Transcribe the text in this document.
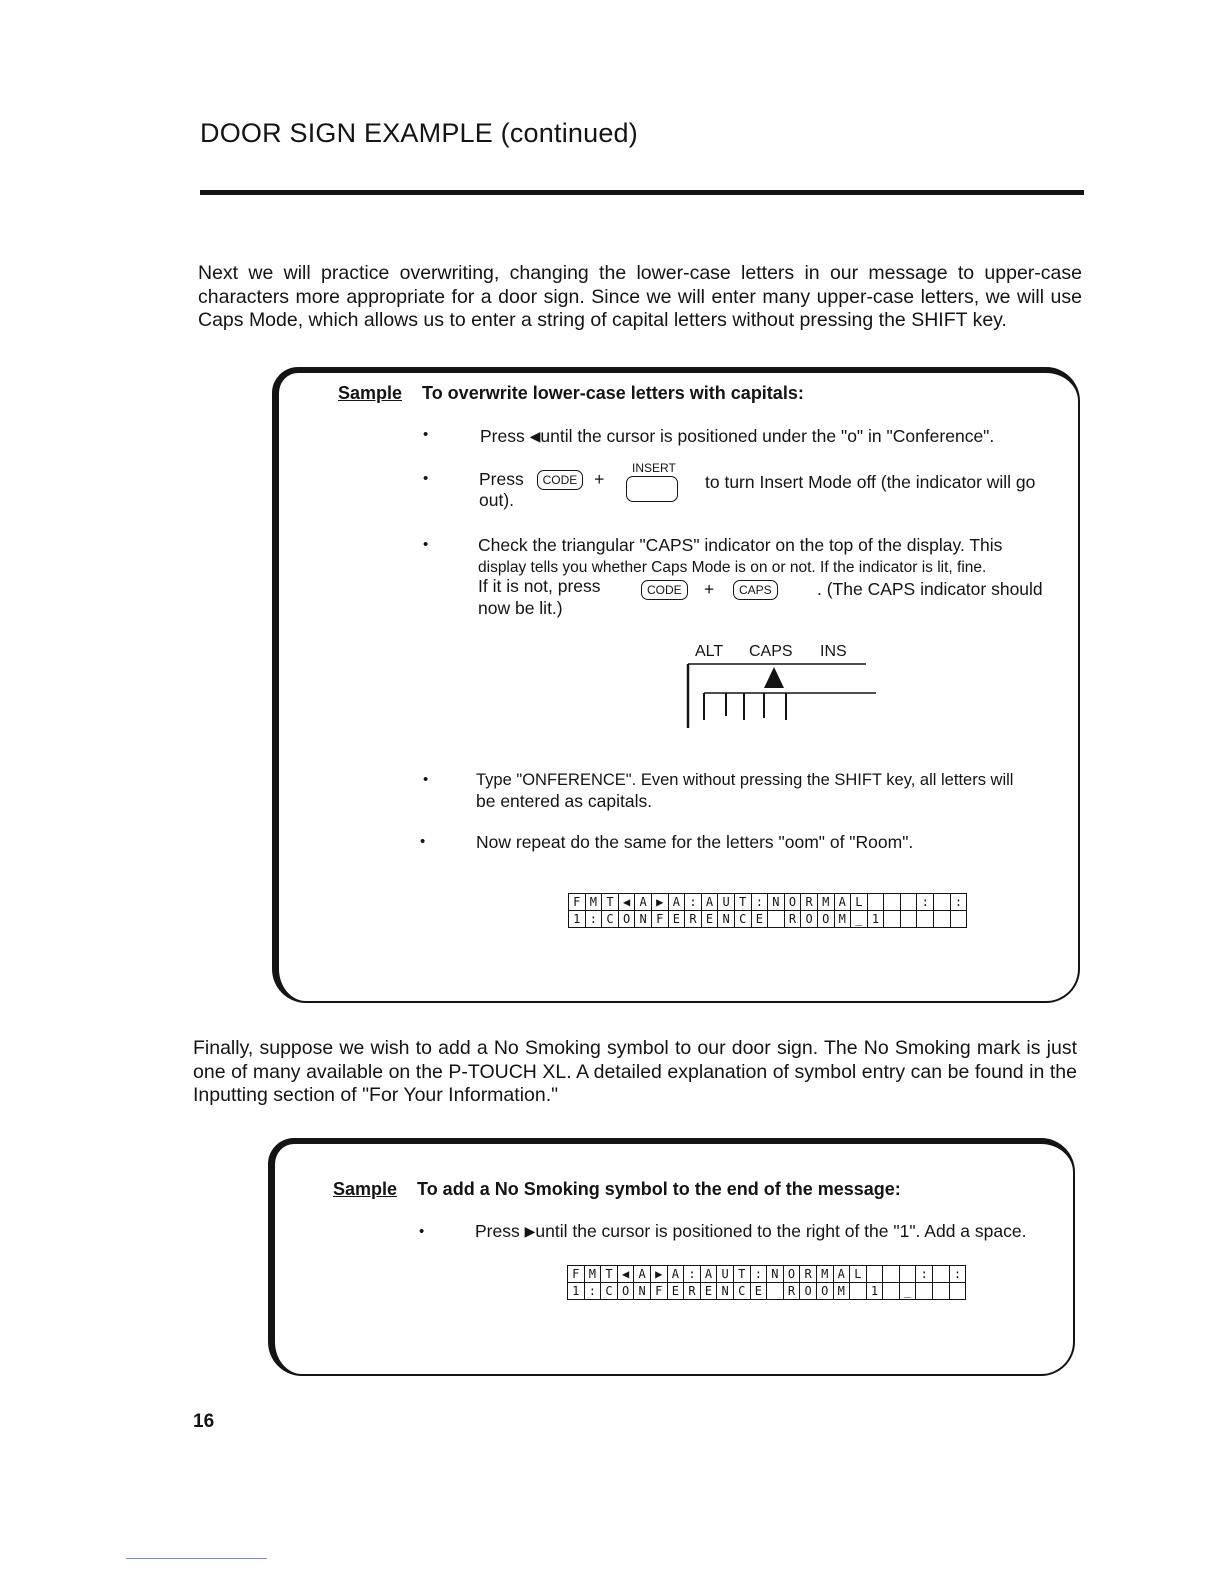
DOOR SIGN EXAMPLE (continued)

Next we will practice overwriting, changing the lower-case letters in our message to upper-case characters more appropriate for a door sign. Since we will enter many upper-case letters, we will use Caps Mode, which allows us to enter a string of capital letters without pressing the SHIFT key.

Sample To overwrite lower-case letters with capitals:
•	Press ◀until the cursor is positioned under the "o" in "Conference".
•	Press CODE +
INSERT
to turn Insert Mode off (the indicator will go
out).
•	Check the triangular "CAPS" indicator on the top of the display. This
display tells you whether Caps Mode is on or not. If the indicator is lit, fine.
If it is not, press	CODE	+	CAPS	. (The CAPS indicator should
now be lit.)
ALT CAPS INS
•	Type "ONFERENCE". Even without pressing the SHIFT key, all letters will
be entered as capitals.
•	Now repeat do the same for the letters "oom" of "Room".
F	M	T	◀	A	▶	A	:	A	U	T	:	N	O	R	M	A	L				:		:
1	:	C	O	N	F	E	R	E	N	C	E		R	O	O	M	_	1					

Finally, suppose we wish to add a No Smoking symbol to our door sign. The No Smoking mark is just one of many available on the P-TOUCH XL. A detailed explanation of symbol entry can be found in the Inputting section of "For Your Information."

Sample To add a No Smoking symbol to the end of the message:
•	Press ▶until the cursor is positioned to the right of the "1". Add a space.
F	M	T	◀	A	▶	A	:	A	U	T	:	N	O	R	M	A	L				:		:
1	:	C	O	N	F	E	R	E	N	C	E		R	O	O	M		1		_			
16
